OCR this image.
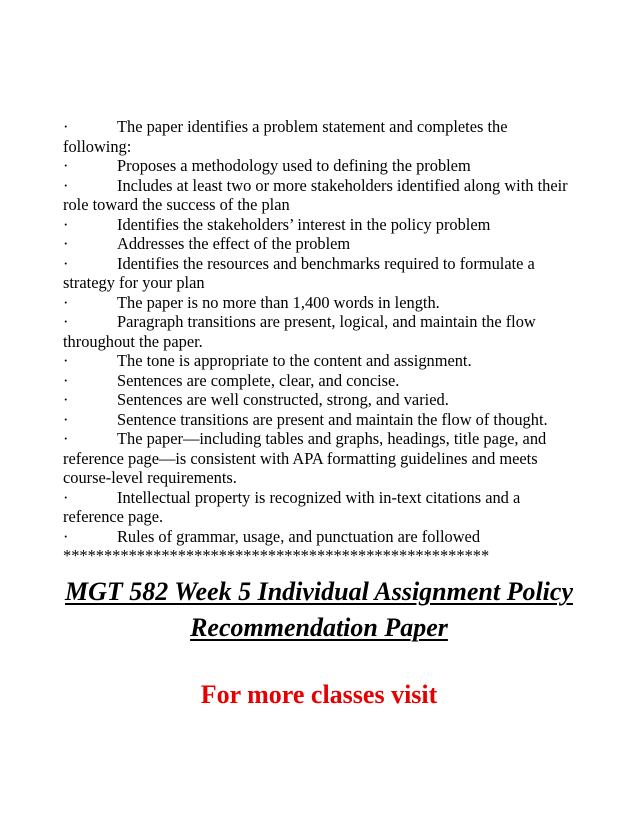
·	The paper identifies a problem statement and completes the following:

·	Proposes a methodology used to defining the problem

·	Includes at least two or more stakeholders identified along with their role toward the success of the plan

·	Identifies the stakeholders’ interest in the policy problem

·	Addresses the effect of the problem

·	Identifies the resources and benchmarks required to formulate a strategy for your plan

·	The paper is no more than 1,400 words in length.

·	Paragraph transitions are present, logical, and maintain the flow throughout the paper.

·	The tone is appropriate to the content and assignment.

·	Sentences are complete, clear, and concise.

·	Sentences are well constructed, strong, and varied.

·	Sentence transitions are present and maintain the flow of thought.

·	The paper—including tables and graphs, headings, title page, and reference page—is consistent with APA formatting guidelines and meets course-level requirements.

·	Intellectual property is recognized with in-text citations and a reference page.

·	Rules of grammar, usage, and punctuation are followed

****************************************************
MGT 582 Week 5 Individual Assignment Policy Recommendation Paper
For more classes visit
